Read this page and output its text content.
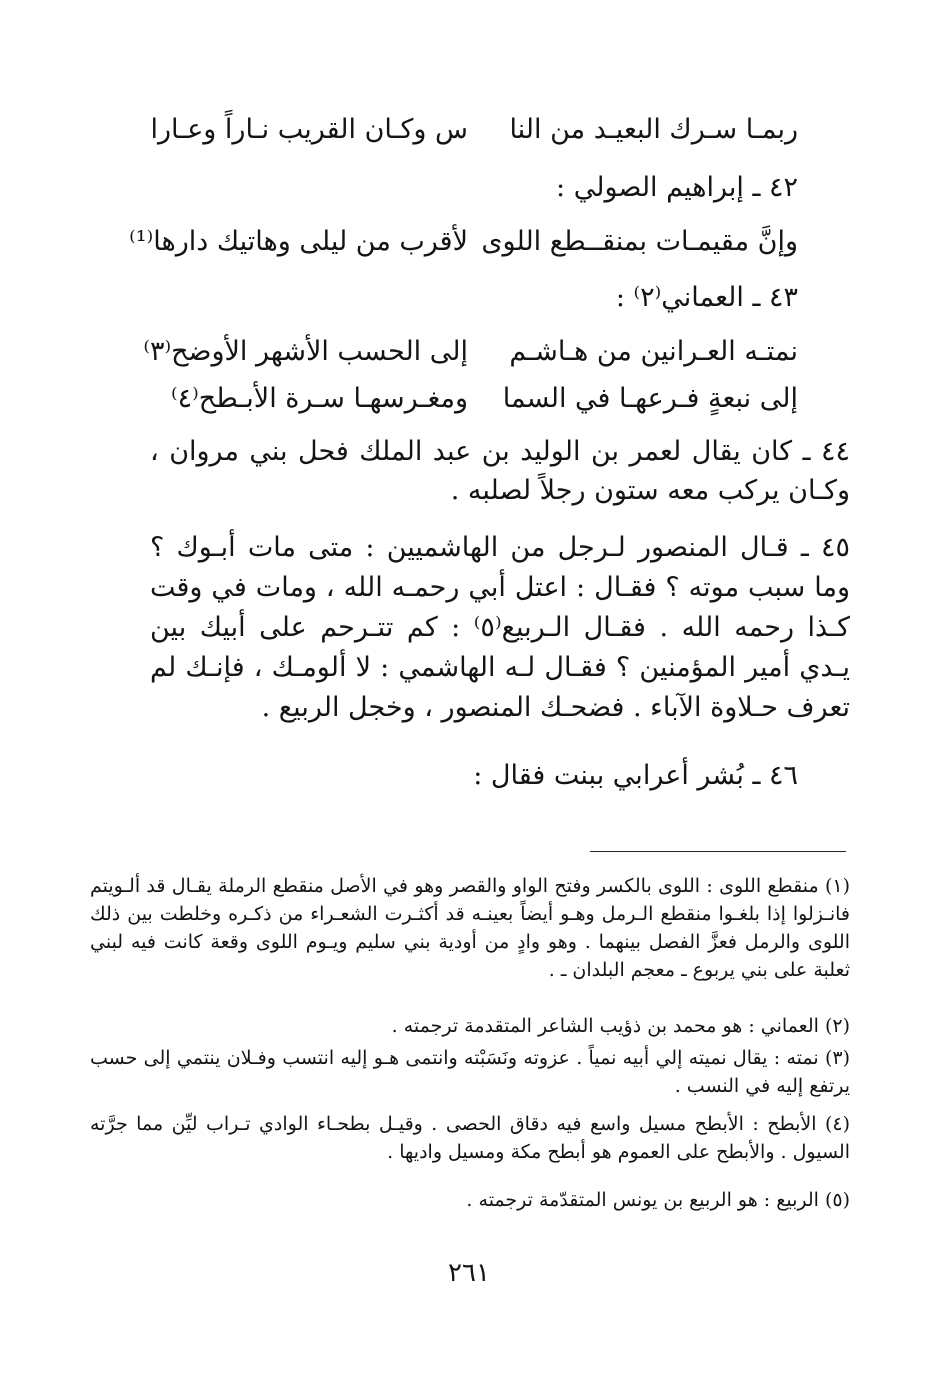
ربمـا سـرك البعيـد من النا
س وكـان القريب نـاراً وعـارا
٤٢ ـ إبراهيم الصولي :
وإنَّ مقيمـات بمنقــطع اللوى
لأقرب من ليلى وهاتيك دارها⁽¹⁾
٤٣ ـ العماني⁽٢⁾ :
نمتـه العـرانين من هـاشـم
إلى الحسب الأشهر الأوضح⁽٣⁾
إلى نبعةٍ فـرعهـا في السما
ومغـرسهـا سـرة الأبـطح⁽٤⁾
٤٤ ـ كان يقال لعمر بن الوليد بن عبد الملك فحل بني مروان ، وكـان يركب معه ستون رجلاً لصلبه .
٤٥ ـ قـال المنصور لـرجل من الهاشميين : متى مات أبـوك ؟ وما سبب موته ؟ فقـال : اعتل أبي رحمـه الله ، ومات في وقت كـذا رحمه الله . فقـال الـربيع⁽٥⁾ : كم تتـرحم على أبيك بين يـدي أمير المؤمنين ؟ فقـال لـه الهاشمي : لا ألومـك ، فإنـك لم تعرف حـلاوة الآباء . فضحـك المنصور ، وخجل الربيع .
٤٦ ـ بُشر أعرابي ببنت فقال :
(١) منقطع اللوى : اللوى بالكسر وفتح الواو والقصر وهو في الأصل منقطع الرملة يقـال قد ألـويتم فانـزلوا إذا بلغـوا منقطع الـرمل وهـو أيضاً بعينـه قد أكثـرت الشعـراء من ذكـره وخلطت بين ذلك اللوى والرمل فعزَّ الفصل بينهما . وهو وادٍ من أودية بني سليم ويـوم اللوى وقعة كانت فيه لبني ثعلبة على بني يربوع ـ معجم البلدان ـ .
(٢) العماني : هو محمد بن ذؤيب الشاعر المتقدمة ترجمته .
(٣) نمته : يقال نميته إلي أبيه نمياً . عزوته ونَسَبْته وانتمى هـو إليه انتسب وفـلان ينتمي إلى حسب يرتفع إليه في النسب .
(٤) الأبطح : الأبطح مسيل واسع فيه دقاق الحصى . وقيـل بطحـاء الوادي تـراب ليِّن مما جرَّته السيول . والأبطح على العموم هو أبطح مكة ومسيل واديها .
(٥) الربيع : هو الربيع بن يونس المتقدّمة ترجمته .
٢٦١
